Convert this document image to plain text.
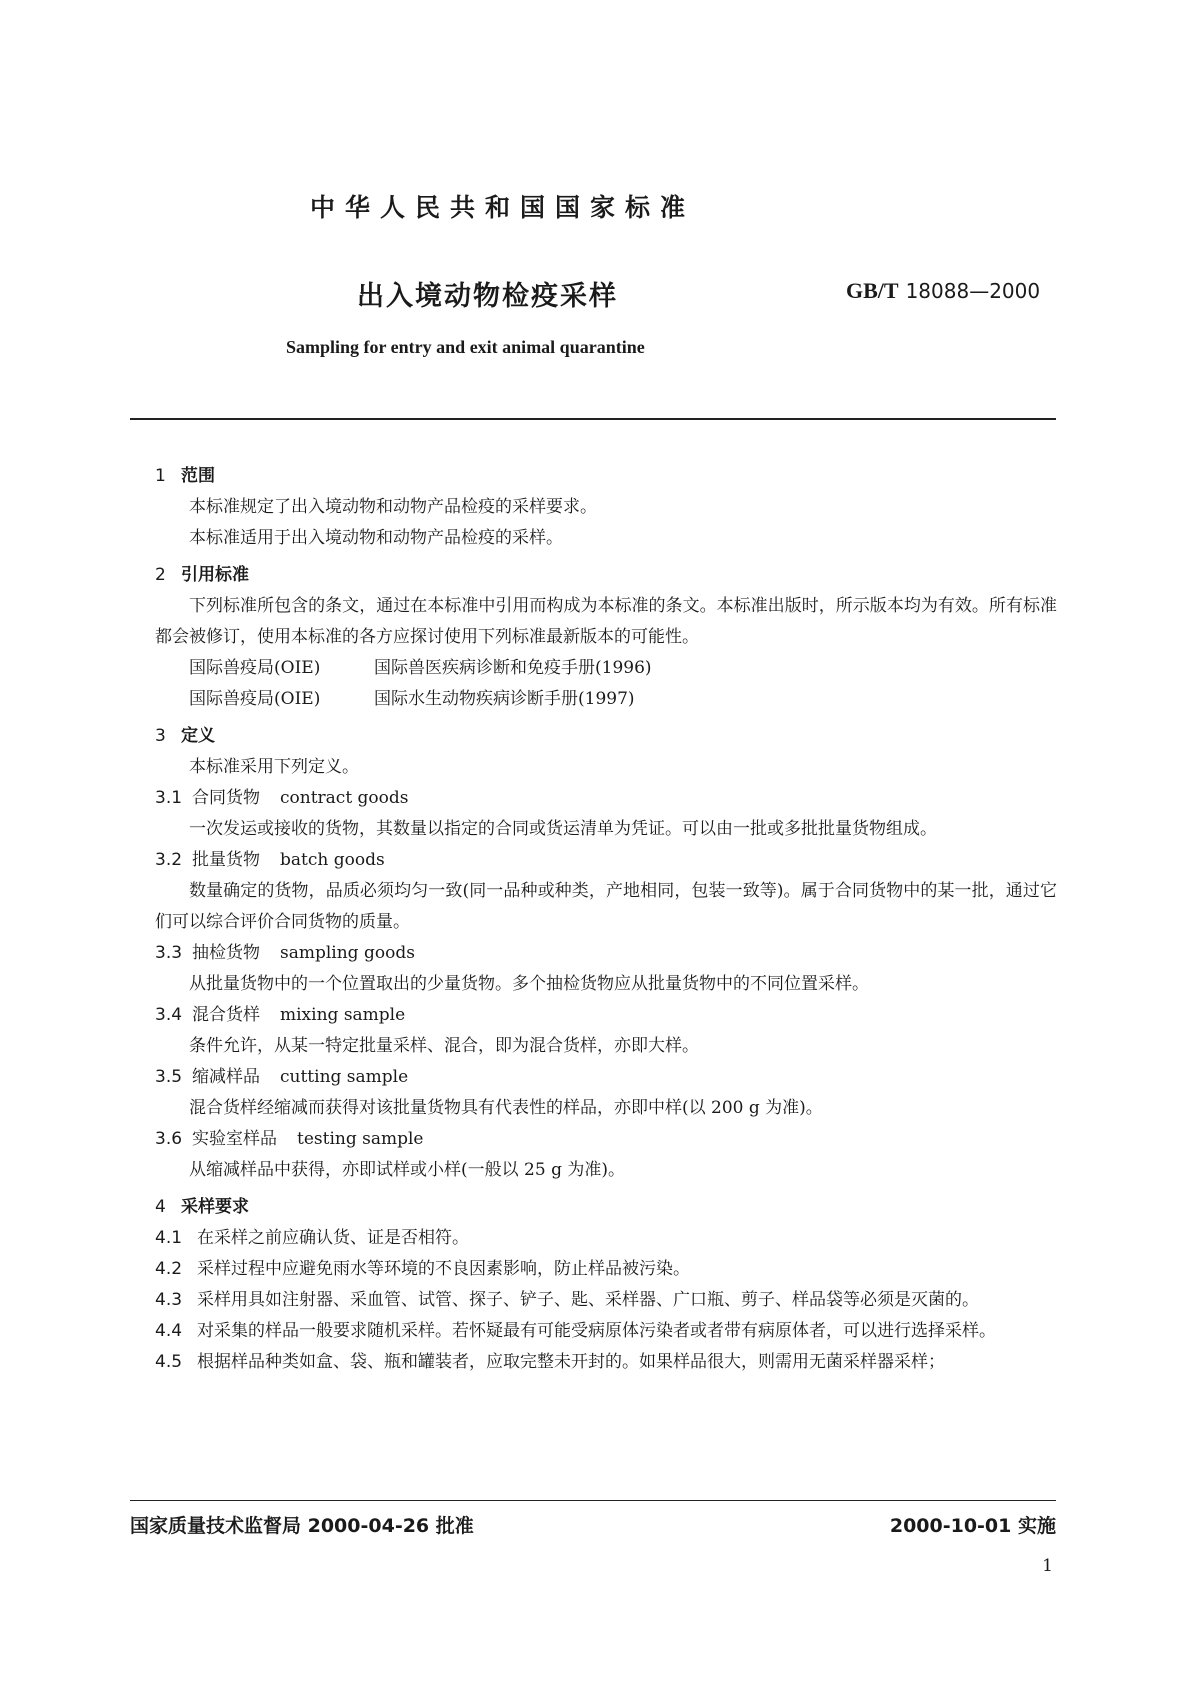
中华人民共和国国家标准
出入境动物检疫采样	GB/T 18088—2000
Sampling for entry and exit animal quarantine
1 范围
本标准规定了出入境动物和动物产品检疫的采样要求。
本标准适用于出入境动物和动物产品检疫的采样。
2 引用标准
下列标准所包含的条文，通过在本标准中引用而构成为本标准的条文。本标准出版时，所示版本均为有效。所有标准都会被修订，使用本标准的各方应探讨使用下列标准最新版本的可能性。
国际兽疫局(OIE)	国际兽医疾病诊断和免疫手册(1996)
国际兽疫局(OIE)	国际水生动物疾病诊断手册(1997)
3 定义
本标准采用下列定义。
3.1 合同货物 contract goods
一次发运或接收的货物，其数量以指定的合同或货运清单为凭证。可以由一批或多批批量货物组成。
3.2 批量货物 batch goods
数量确定的货物，品质必须均匀一致(同一品种或种类，产地相同，包装一致等)。属于合同货物中的某一批，通过它们可以综合评价合同货物的质量。
3.3 抽检货物 sampling goods
从批量货物中的一个位置取出的少量货物。多个抽检货物应从批量货物中的不同位置采样。
3.4 混合货样 mixing sample
条件允许，从某一特定批量采样、混合，即为混合货样，亦即大样。
3.5 缩减样品 cutting sample
混合货样经缩减而获得对该批量货物具有代表性的样品，亦即中样(以 200 g 为准)。
3.6 实验室样品 testing sample
从缩减样品中获得，亦即试样或小样(一般以 25 g 为准)。
4 采样要求
4.1 在采样之前应确认货、证是否相符。
4.2 采样过程中应避免雨水等环境的不良因素影响，防止样品被污染。
4.3 采样用具如注射器、采血管、试管、探子、铲子、匙、采样器、广口瓶、剪子、样品袋等必须是灭菌的。
4.4 对采集的样品一般要求随机采样。若怀疑最有可能受病原体污染者或者带有病原体者，可以进行选择采样。
4.5 根据样品种类如盒、袋、瓶和罐装者，应取完整未开封的。如果样品很大，则需用无菌采样器采样；
国家质量技术监督局 2000-04-26 批准	2000-10-01 实施
1
